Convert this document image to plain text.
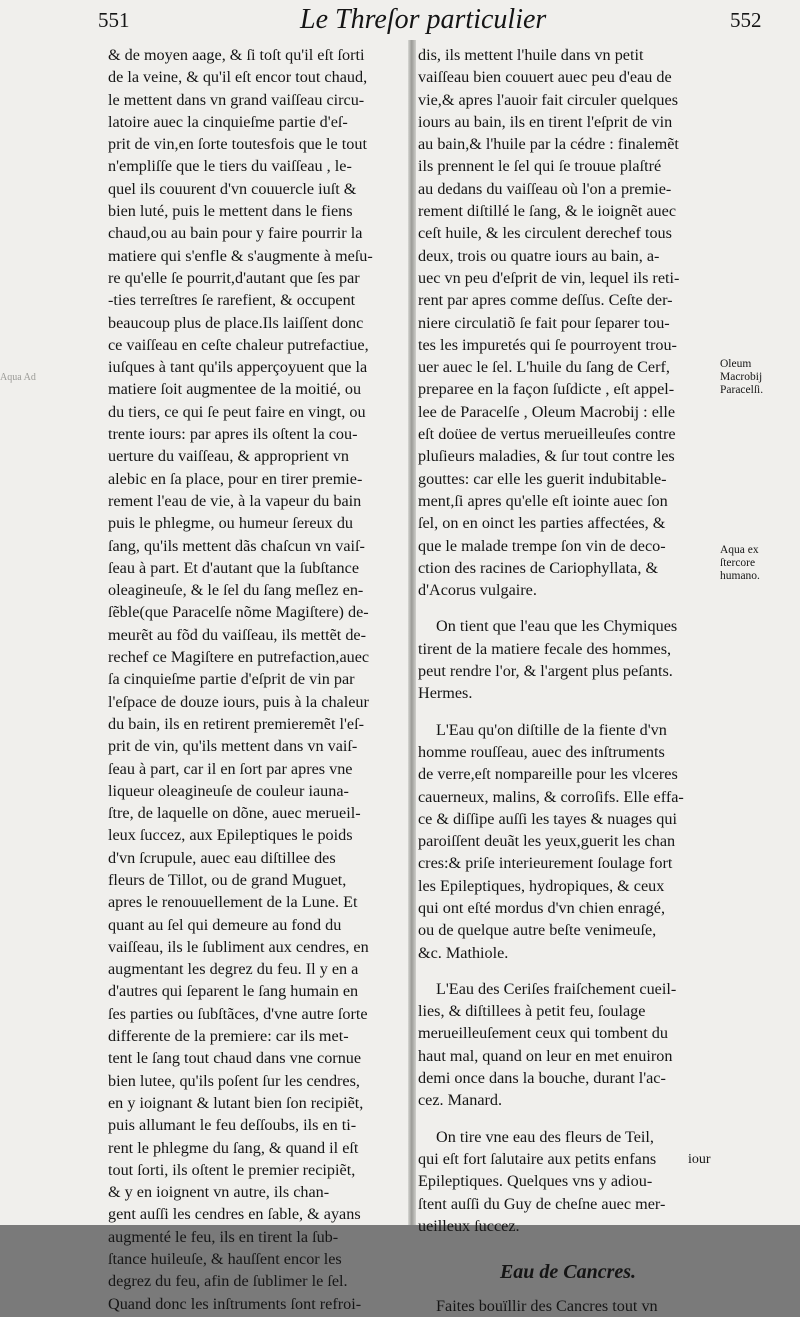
551	Le Threſor particulier	552
Aqua Ad
& de moyen aage, & ſi toſt qu'il eſt ſorti
de la veine, & qu'il eſt encor tout chaud,
le mettent dans vn grand vaiſſeau circu-
latoire auec la cinquieſme partie d'eſ-
prit de vin,en ſorte toutesfois que le tout
n'empliſſe que le tiers du vaiſſeau , le-
quel ils couurent d'vn couuercle iuſt &
bien luté, puis le mettent dans le fiens
chaud,ou au bain pour y faire pourrir la
matiere qui s'enfle & s'augmente à meſu-
re qu'elle ſe pourrit,d'autant que ſes par
-ties terreſtres ſe rarefient, & occupent
beaucoup plus de place.Ils laiſſent donc
ce vaiſſeau en ceſte chaleur putrefactiue,
iuſques à tant qu'ils apperçoyuent que la
matiere ſoit augmentee de la moitié, ou
du tiers, ce qui ſe peut faire en vingt, ou
trente iours: par apres ils oſtent la cou-
uerture du vaiſſeau, & approprient vn
alebic en ſa place, pour en tirer premie-
rement l'eau de vie, à la vapeur du bain
puis le phlegme, ou humeur ſereux du
ſang, qu'ils mettent dãs chaſcun vn vaiſ-
ſeau à part. Et d'autant que la ſubſtance
oleagineuſe, & le ſel du ſang meſlez en-
ſẽble(que Paracelſe nõme Magiſtere) de-
meurẽt au fõd du vaiſſeau, ils mettẽt de-
rechef ce Magiſtere en putrefaction,auec
ſa cinquieſme partie d'eſprit de vin par
l'eſpace de douze iours, puis à la chaleur
du bain, ils en retirent premieremẽt l'eſ-
prit de vin, qu'ils mettent dans vn vaiſ-
ſeau à part, car il en ſort par apres vne
liqueur oleagineuſe de couleur iauna-
ſtre, de laquelle on dõne, auec merueil-
leux ſuccez, aux Epileptiques le poids
d'vn ſcrupule, auec eau diſtillee des
fleurs de Tillot, ou de grand Muguet,
apres le renouuellement de la Lune. Et
quant au ſel qui demeure au fond du
vaiſſeau, ils le ſubliment aux cendres, en
augmentant les degrez du feu. Il y en a
d'autres qui ſeparent le ſang humain en
ſes parties ou ſubſtãces, d'vne autre ſorte
differente de la premiere: car ils met-
tent le ſang tout chaud dans vne cornue
bien lutee, qu'ils poſent ſur les cendres,
en y ioignant & lutant bien ſon recipiẽt,
puis allumant le feu deſſoubs, ils en ti-
rent le phlegme du ſang, & quand il eſt
tout ſorti, ils oſtent le premier recipiẽt,
& y en ioignent vn autre, ils chan-
gent auſſi les cendres en ſable, & ayans
augmenté le feu, ils en tirent la ſub-
ſtance huileuſe, & hauſſent encor les
degrez du feu, afin de ſublimer le ſel.
Quand donc les inſtruments ſont refroi-
dis, ils mettent l'huile dans vn petit
vaiſſeau bien couuert auec peu d'eau de
vie,& apres l'auoir fait circuler quelques
iours au bain, ils en tirent l'eſprit de vin
au bain,& l'huile par la cédre : finalemẽt
ils prennent le ſel qui ſe trouue plaſtré
au dedans du vaiſſeau où l'on a premie-
rement diſtillé le ſang, & le ioignẽt auec
ceſt huile, & les circulent derechef tous
deux, trois ou quatre iours au bain, a-
uec vn peu d'eſprit de vin, lequel ils reti-
rent par apres comme deſſus. Ceſte der-
niere circulatiõ ſe fait pour ſeparer tou-
tes les impuretés qui ſe pourroyent trou-
uer auec le ſel. L'huile du ſang de Cerf,
preparee en la façon ſuſdicte , eſt appel-
lee de Paracelſe , Oleum Macrobij : elle
eſt doüee de vertus merueilleuſes contre
pluſieurs maladies, & ſur tout contre les
gouttes: car elle les guerit indubitable-
ment,ſi apres qu'elle eſt iointe auec ſon
ſel, on en oinct les parties affectées, &
que le malade trempe ſon vin de deco-
ction des racines de Cariophyllata, &
d'Acorus vulgaire.
On tient que l'eau que les Chymiques
tirent de la matiere fecale des hommes,
peut rendre l'or, & l'argent plus peſants.
Hermes.
L'Eau qu'on diſtille de la fiente d'vn
homme rouſſeau, auec des inſtruments
de verre,eſt nompareille pour les vlceres
cauerneux, malins, & corroſifs. Elle effa-
ce & diſſipe auſſi les tayes & nuages qui
paroiſſent deuãt les yeux,guerit les chan
cres:& priſe interieurement ſoulage fort
les Epileptiques, hydropiques, & ceux
qui ont eſté mordus d'vn chien enragé,
ou de quelque autre beſte venimeuſe,
&c. Mathiole.
L'Eau des Ceriſes fraiſchement cueil-
lies, & diſtillees à petit feu, ſoulage
merueilleuſement ceux qui tombent du
haut mal, quand on leur en met enuiron
demi once dans la bouche, durant l'ac-
cez. Manard.
On tire vne eau des fleurs de Teil,
qui eſt fort ſalutaire aux petits enfans
Epileptiques. Quelques vns y adiou-
ſtent auſſi du Guy de cheſne auec mer-
ueilleux ſuccez.
Eau de Cancres.
Faites bouïllir des Cancres tout vn
iour
Oleum
Macrobij
Paracelſi.
Aqua ex
ſtercore
humano.
